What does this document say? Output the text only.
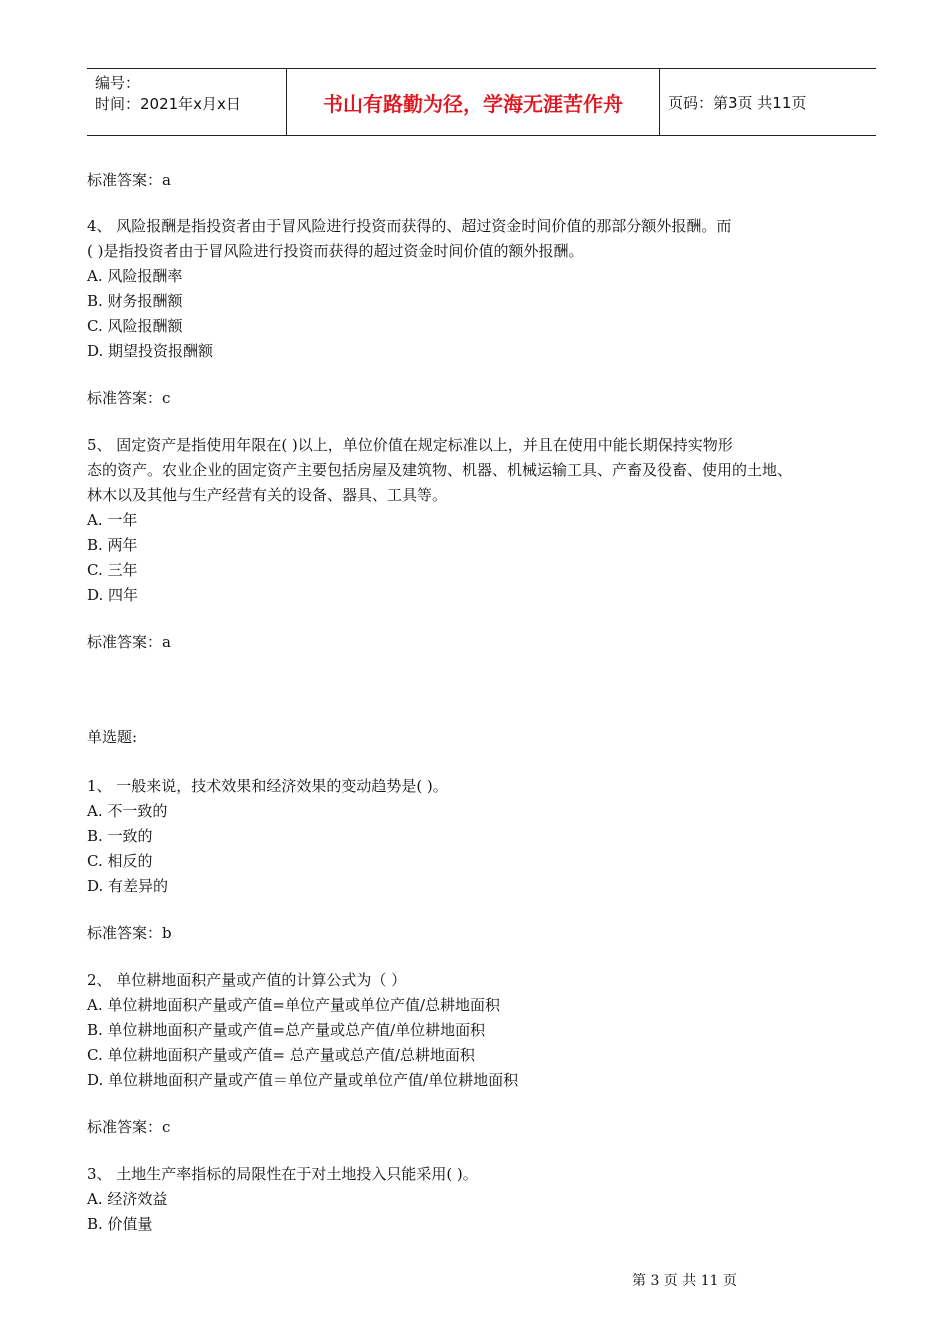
编号：
时间：2021年x月x日	书山有路勤为径，学海无涯苦作舟	页码：第3页 共11页
标准答案：a
4、 风险报酬是指投资者由于冒风险进行投资而获得的、超过资金时间价值的那部分额外报酬。而
( )是指投资者由于冒风险进行投资而获得的超过资金时间价值的额外报酬。
A. 风险报酬率
B. 财务报酬额
C. 风险报酬额
D. 期望投资报酬额
标准答案：c
5、 固定资产是指使用年限在( )以上，单位价值在规定标准以上，并且在使用中能长期保持实物形
态的资产。农业企业的固定资产主要包括房屋及建筑物、机器、机械运输工具、产畜及役畜、使用的土地、
林木以及其他与生产经营有关的设备、器具、工具等。
A. 一年
B. 两年
C. 三年
D. 四年
标准答案：a
单选题:
1、 一般来说，技术效果和经济效果的变动趋势是( )。
A. 不一致的
B. 一致的
C. 相反的
D. 有差异的
标准答案：b
2、 单位耕地面积产量或产值的计算公式为（ ）
A. 单位耕地面积产量或产值=单位产量或单位产值/总耕地面积
B. 单位耕地面积产量或产值=总产量或总产值/单位耕地面积
C. 单位耕地面积产量或产值= 总产量或总产值/总耕地面积
D. 单位耕地面积产量或产值＝单位产量或单位产值/单位耕地面积
标准答案：c
3、 土地生产率指标的局限性在于对土地投入只能采用( )。
A. 经济效益
B. 价值量
第 3 页 共 11 页
